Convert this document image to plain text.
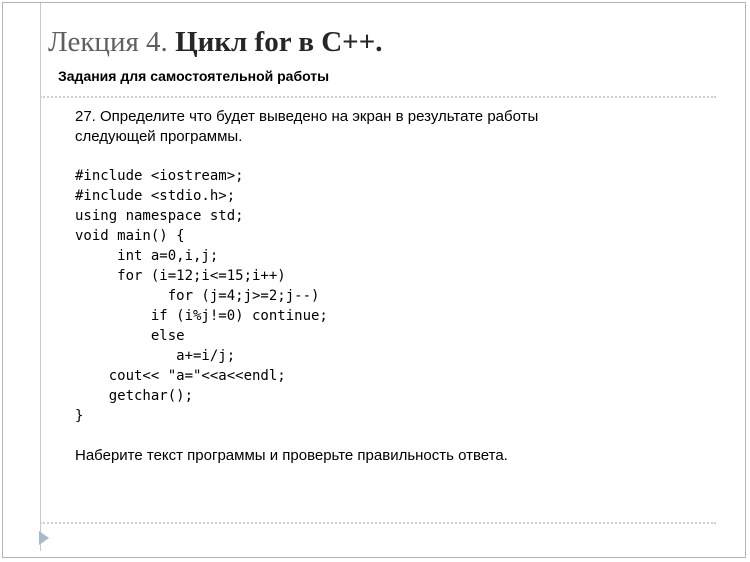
Лекция 4. Цикл for в С++.
Задания для самостоятельной работы
27. Определите что будет выведено на экран в результате работы
следующей программы.
#include <iostream>;
#include <stdio.h>;
using namespace std;
void main() {
int a=0,i,j;
for (i=12;i<=15;i++)
for (j=4;j>=2;j--)
if (i%j!=0) continue;
else
a+=i/j;
cout<< "a="<<a<<endl;
getchar();
}
Наберите текст программы и проверьте правильность ответа.
